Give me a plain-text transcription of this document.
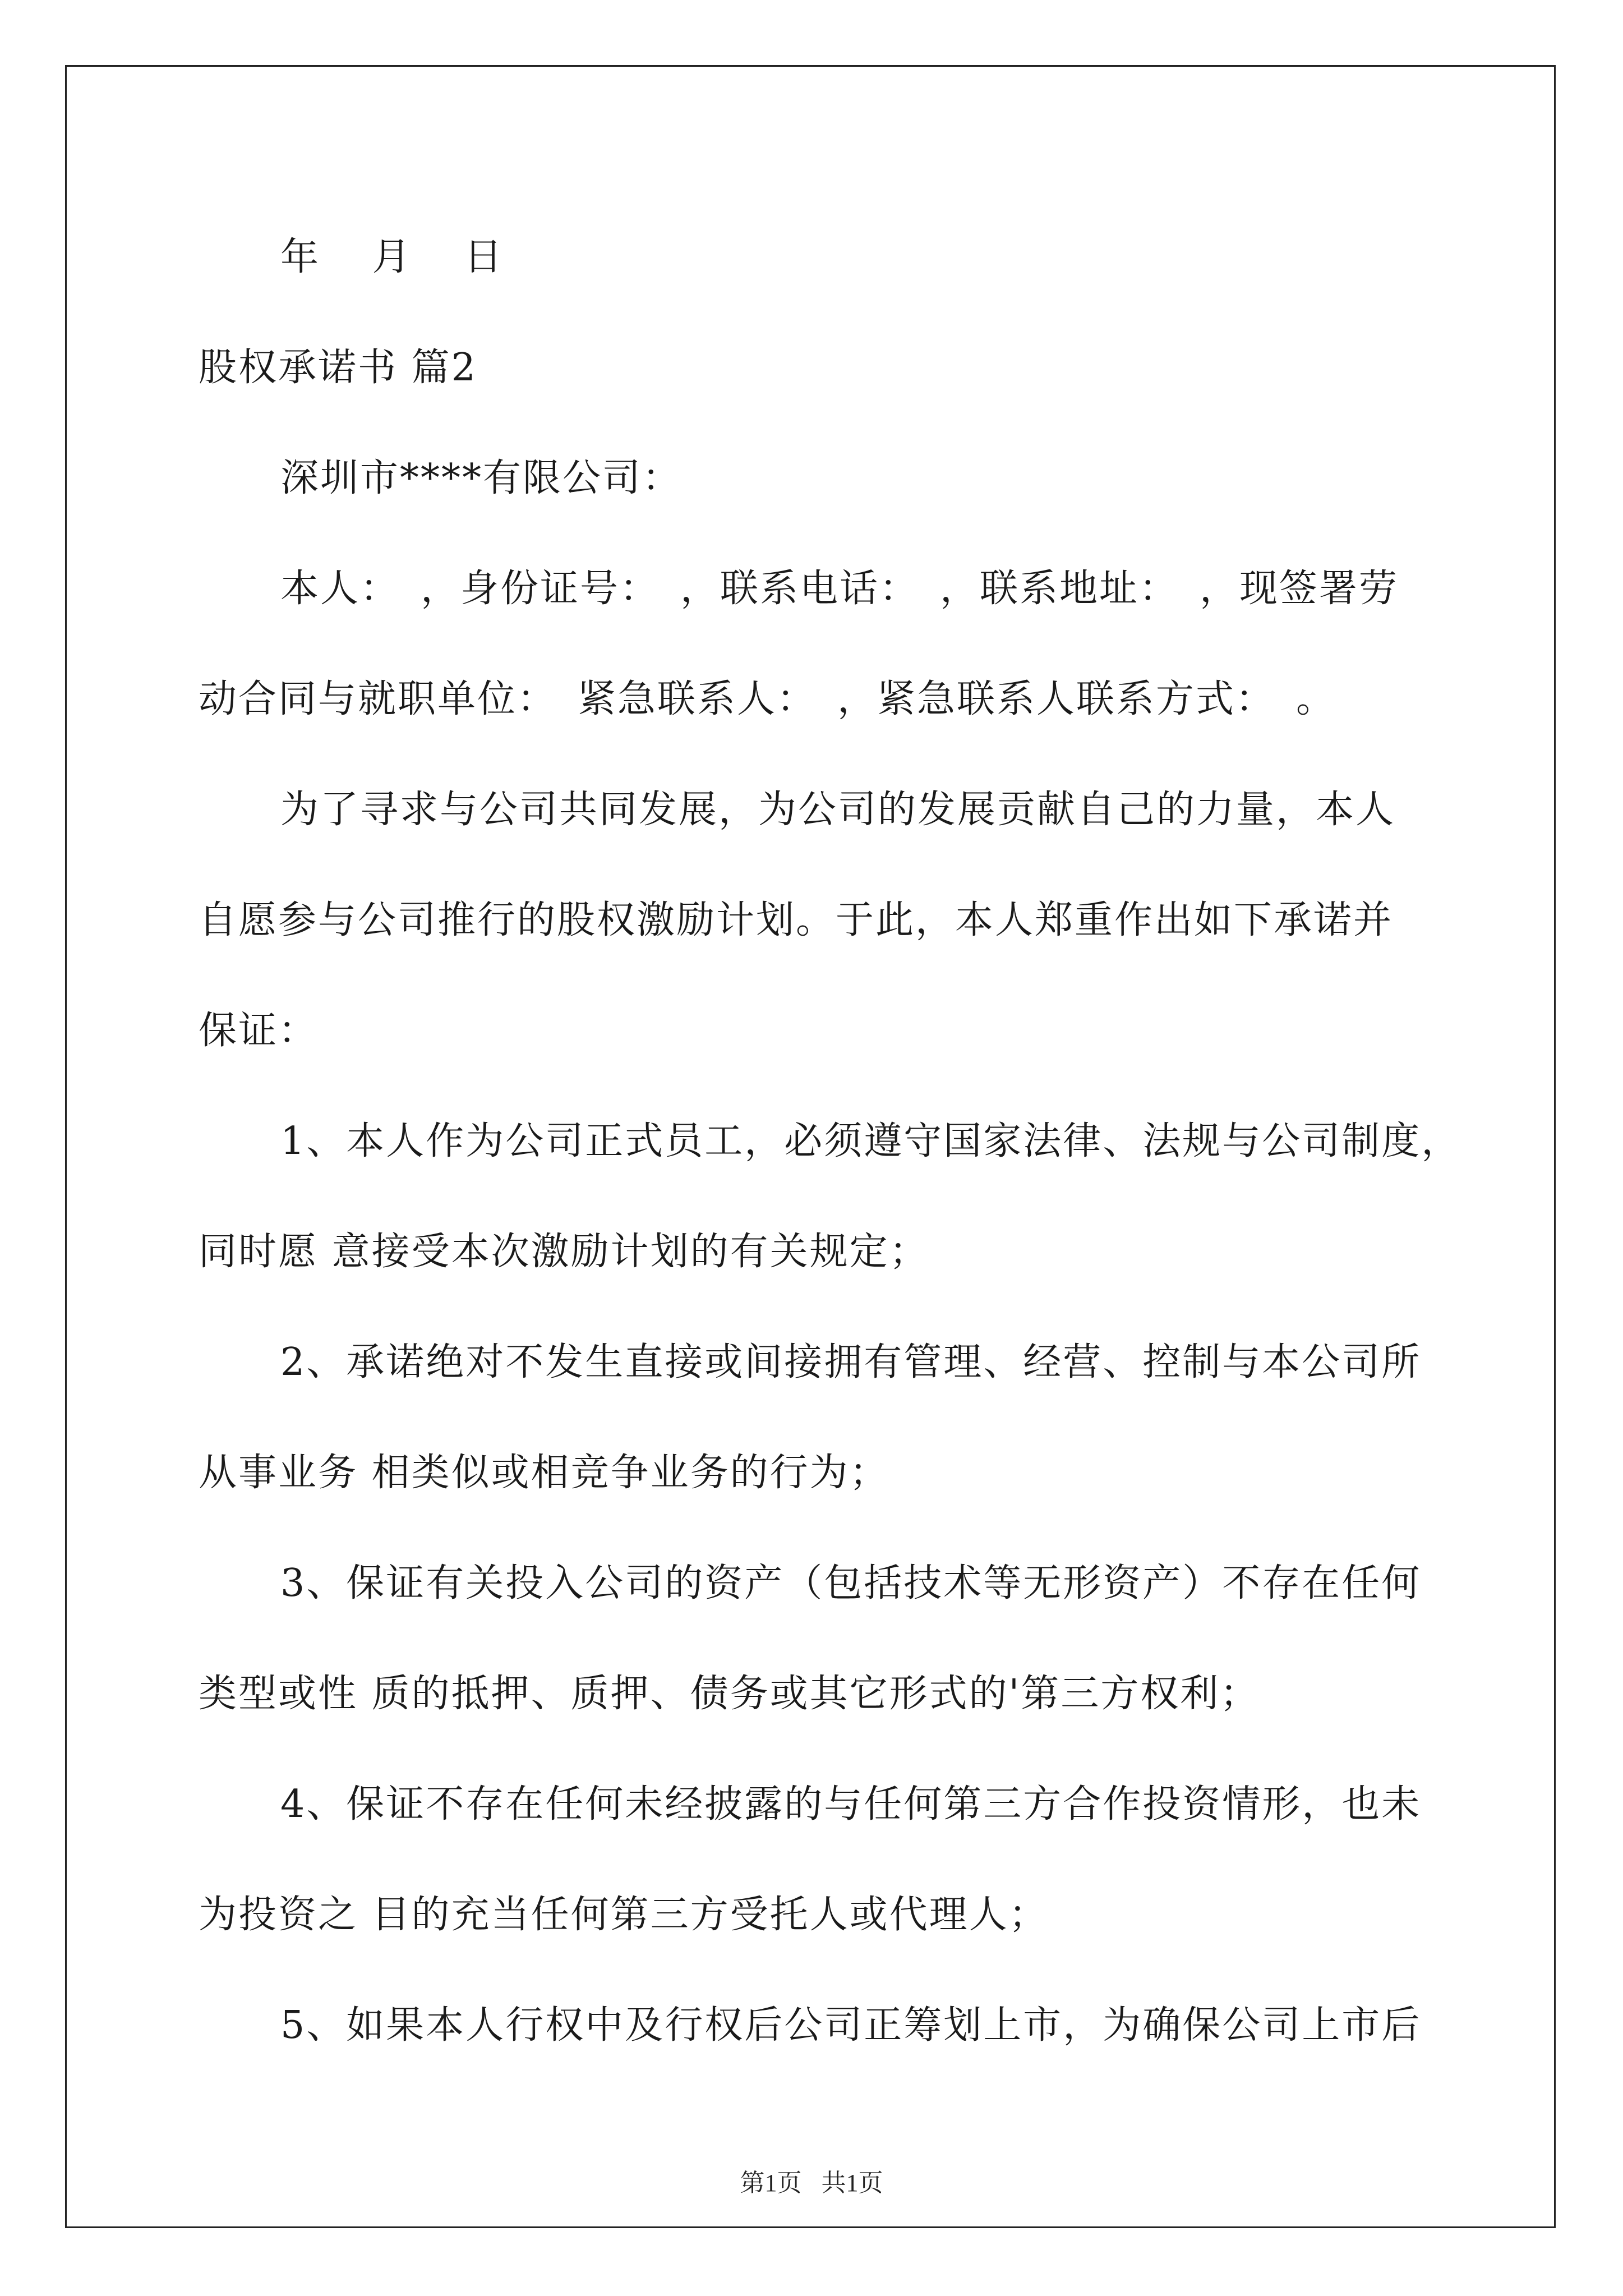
年 月 日
股权承诺书 篇2
深圳市****有限公司：
本人：　，身份证号：　，联系电话：　，联系地址：　，现签署劳
动合同与就职单位：　紧急联系人：　，紧急联系人联系方式：　。
为了寻求与公司共同发展，为公司的发展贡献自己的力量，本人
自愿参与公司推行的股权激励计划。于此，本人郑重作出如下承诺并
保证：
1、本人作为公司正式员工，必须遵守国家法律、法规与公司制度，
同时愿 意接受本次激励计划的有关规定；
2、承诺绝对不发生直接或间接拥有管理、经营、控制与本公司所
从事业务 相类似或相竞争业务的行为；
3、保证有关投入公司的资产（包括技术等无形资产）不存在任何
类型或性 质的抵押、质押、债务或其它形式的'第三方权利；
4、保证不存在任何未经披露的与任何第三方合作投资情形，也未
为投资之 目的充当任何第三方受托人或代理人；
5、如果本人行权中及行权后公司正筹划上市，为确保公司上市后
第1页 共1页
